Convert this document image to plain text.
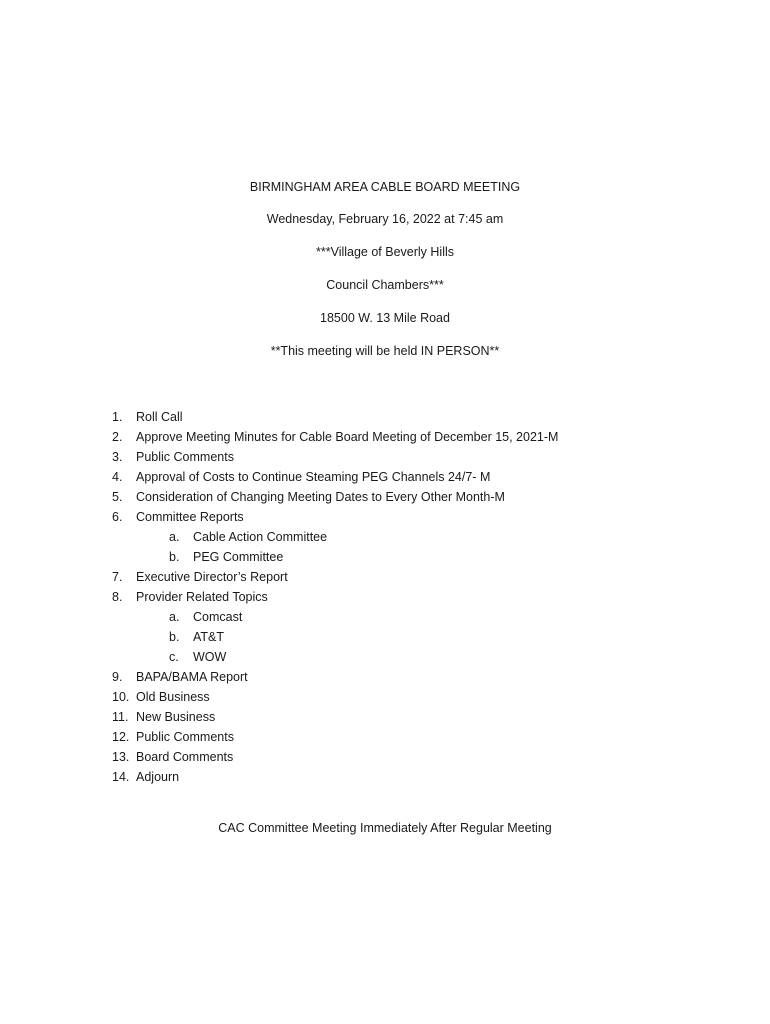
BIRMINGHAM AREA CABLE BOARD MEETING
Wednesday, February 16, 2022 at 7:45 am
***Village of Beverly Hills
Council Chambers***
18500 W. 13 Mile Road
**This meeting will be held IN PERSON**
1.	Roll Call
2.	Approve Meeting Minutes for Cable Board Meeting of December 15, 2021-M
3.	Public Comments
4.	Approval of Costs to Continue Steaming PEG Channels 24/7- M
5.	Consideration of Changing Meeting Dates to Every Other Month-M
6.	Committee Reports
a.	Cable Action Committee
b.	PEG Committee
7.	Executive Director’s Report
8.	Provider Related Topics
a.	Comcast
b.	AT&T
c.	WOW
9.	BAPA/BAMA Report
10. Old Business
11. New Business
12. Public Comments
13. Board Comments
14. Adjourn
CAC Committee Meeting Immediately After Regular Meeting
